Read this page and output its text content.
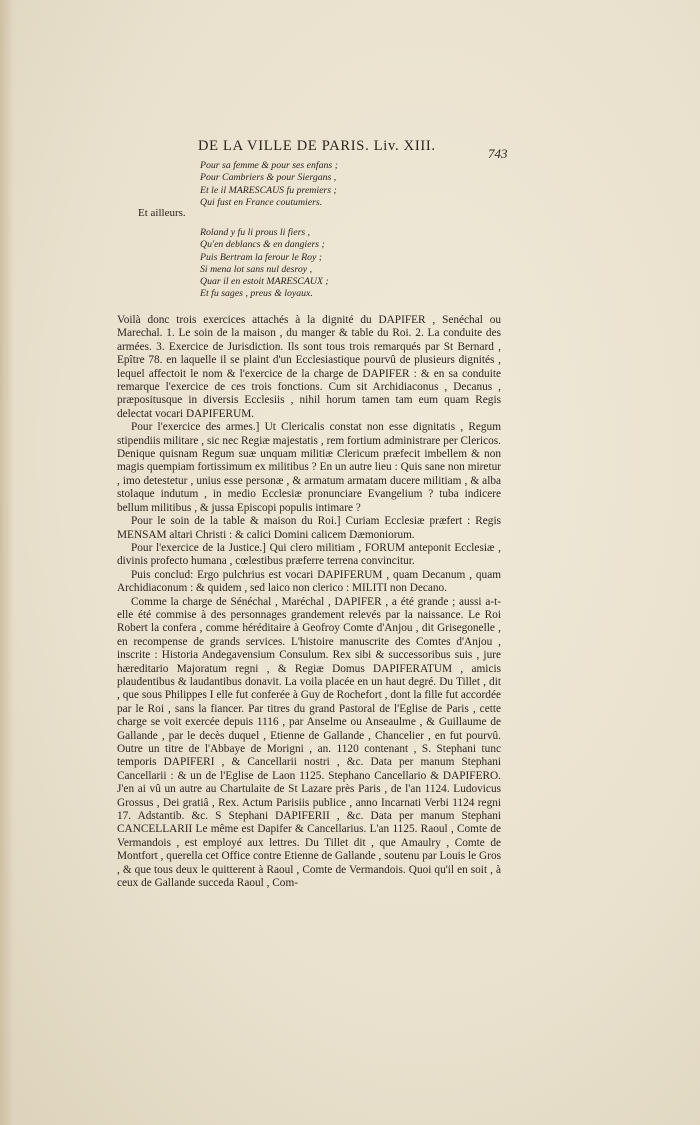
DE LA VILLE DE PARIS. Liv. XIII.	743
Pour sa femme & pour ses enfans ;
Pour Cambriers & pour Siergans ,
Et le il MARESCAUS fu premiers ;
Qui fust en France coutumiers.
Et ailleurs.
Roland y fu li prous li fiers ,
Qu'en deblancs & en dangiers ;
Puis Bertram la ferour le Roy ;
Si mena lot sans nul desroy ,
Quar il en estoit MARESCAUX ;
Et fu sages , preus & loyaux.

Voilà donc trois exercices attachés à la dignité du DAPIFER , Senéchal ou Marechal. 1. Le soin de la maison , du manger & table du Roi. 2. La conduite des armées. 3. Exercice de Jurisdiction. Ils sont tous trois remarqués par St Bernard , Epître 78. en laquelle il se plaint d'un Ecclesiastique pourvû de plusieurs dignités , lequel affectoit le nom & l'exercice de la charge de DAPIFER : & en sa conduite remarque l'exercice de ces trois fonctions. Cum sit Archidiaconus , Decanus , præpositusque in diversis Ecclesiis , nihil horum tamen tam eum quam Regis delectat vocari DAPIFERUM.

Pour l'exercice des armes.] Ut Clericalis constat non esse dignitatis , Regum stipendiis militare , sic nec Regiæ majestatis , rem fortium administrare per Clericos. Denique quisnam Regum suæ unquam militiæ Clericum præfecit imbellem & non magis quempiam fortissimum ex militibus ? En un autre lieu : Quis sane non miretur , imo detestetur , unius esse personæ , & armatum armatam ducere militiam , & alba stolaque indutum , in medio Ecclesiæ pronunciare Evangelium ? tuba indicere bellum militibus , & jussa Episcopi populis intimare ?

Pour le soin de la table & maison du Roi.] Curiam Ecclesiæ præfert : Regis MENSAM altari Christi : & calici Domini calicem Dæmoniorum.

Pour l'exercice de la Justice.] Qui clero militiam , FORUM anteponit Ecclesiæ , divinis profecto humana , cœlestibus præferre terrena convincitur.

Puis conclud: Ergo pulchrius est vocari DAPIFERUM , quam Decanum , quam Archidiaconum : & quidem , sed laico non clerico : MILITI non Decano.

Comme la charge de Sénéchal , Maréchal , DAPIFER , a été grande ; aussi a-t-elle été commise à des personnages grandement relevés par la naissance. Le Roi Robert la confera , comme héréditaire à Geofroy Comte d'Anjou , dit Grisegonelle , en recompense de grands services. L'histoire manuscrite des Comtes d'Anjou , inscrite : Historia Andegavensium Consulum. Rex sibi & successoribus suis , jure hæreditario Majoratum regni , & Regiæ Domus DAPIFERATUM , amicis plaudentibus & laudantibus donavit. La voila placée en un haut degré. Du Tillet , dit , que sous Philippes I elle fut conferée à Guy de Rochefort , dont la fille fut accordée par le Roi , sans la fiancer. Par titres du grand Pastoral de l'Eglise de Paris , cette charge se voit exercée depuis 1116 , par Anselme ou Anseaulme , & Guillaume de Gallande , par le decès duquel , Etienne de Gallande , Chancelier , en fut pourvû. Outre un titre de l'Abbaye de Morigni , an. 1120 contenant , S. Stephani tunc temporis DAPIFERI , & Cancellarii nostri , &c. Data per manum Stephani Cancellarii : & un de l'Eglise de Laon 1125. Stephano Cancellario & DAPIFERO. J'en ai vû un autre au Chartulaite de St Lazare près Paris , de l'an 1124. Ludovicus Grossus , Dei gratiâ , Rex. Actum Parisiis publice , anno Incarnati Verbi 1124 regni 17. Adstantib. &c. S Stephani DAPIFERII , &c. Data per manum Stephani CANCELLARII Le même est Dapifer & Cancellarius. L'an 1125. Raoul , Comte de Vermandois , est employé aux lettres. Du Tillet dit , que Amaulry , Comte de Montfort , querella cet Office contre Etienne de Gallande , soutenu par Louis le Gros , & que tous deux le quitterent à Raoul , Comte de Vermandois. Quoi qu'il en soit , à ceux de Gallande succeda Raoul , Com-
